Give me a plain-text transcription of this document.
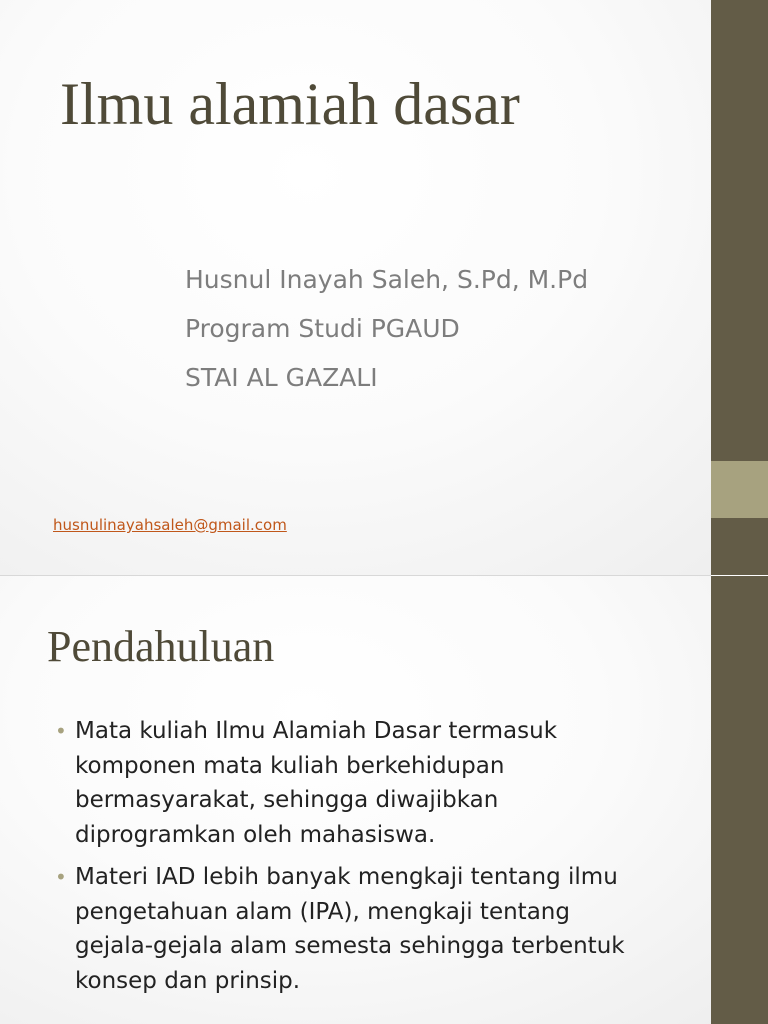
Ilmu alamiah dasar
Husnul Inayah Saleh, S.Pd, M.Pd
Program Studi PGAUD
STAI AL GAZALI
husnulinayahsaleh@gmail.com
Pendahuluan
• Mata kuliah Ilmu Alamiah Dasar termasuk
komponen mata kuliah berkehidupan
bermasyarakat, sehingga diwajibkan
diprogramkan oleh mahasiswa.
• Materi IAD lebih banyak mengkaji tentang ilmu
pengetahuan alam (IPA), mengkaji tentang
gejala-gejala alam semesta sehingga terbentuk
konsep dan prinsip.
